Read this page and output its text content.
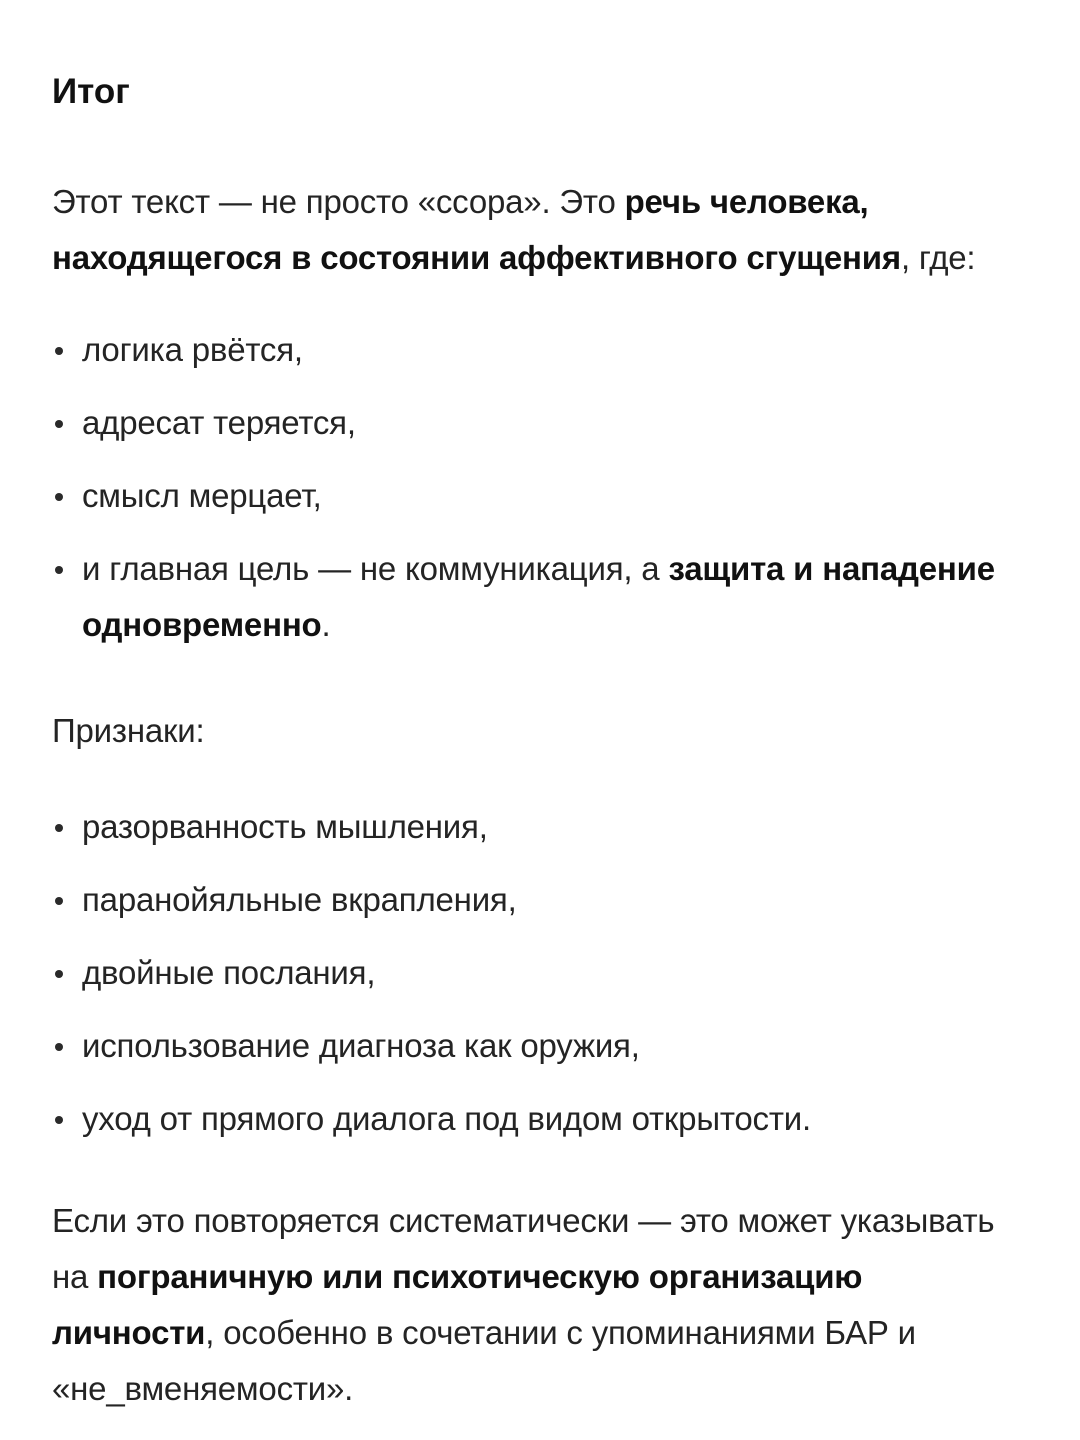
Итог

Этот текст — не просто «ссора». Это речь человека, находящегося в состоянии аффективного сгущения, где:

логика рвётся,
адресат теряется,
смысл мерцает,
и главная цель — не коммуникация, а защита и нападение одновременно.

Признаки:

разорванность мышления,
паранойяльные вкрапления,
двойные послания,
использование диагноза как оружия,
уход от прямого диалога под видом открытости.

Если это повторяется систематически — это может указывать на пограничную или психотическую организацию личности, особенно в сочетании с упоминаниями БАР и «не_вменяемости».
